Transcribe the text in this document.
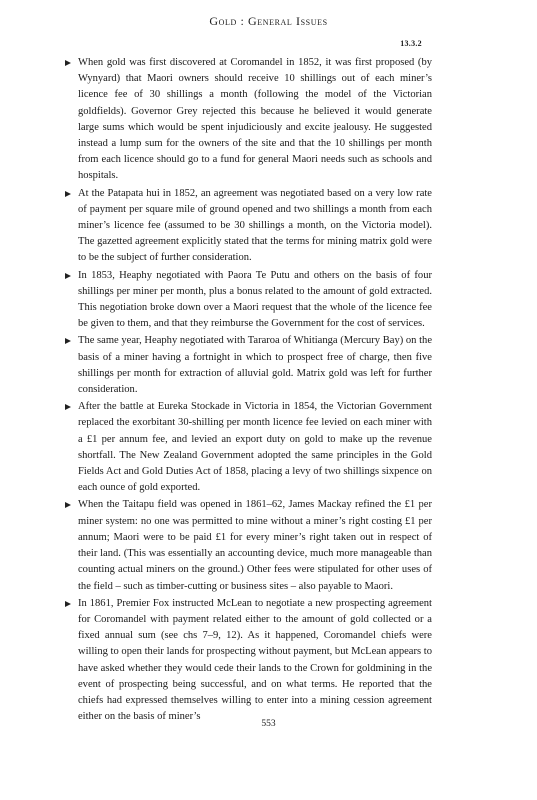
Gold : General Issues
13.3.2
When gold was first discovered at Coromandel in 1852, it was first proposed (by Wynyard) that Maori owners should receive 10 shillings out of each miner’s licence fee of 30 shillings a month (following the model of the Victorian goldfields). Governor Grey rejected this because he believed it would generate large sums which would be spent injudiciously and excite jealousy. He suggested instead a lump sum for the owners of the site and that the 10 shillings per month from each licence should go to a fund for general Maori needs such as schools and hospitals.
At the Patapata hui in 1852, an agreement was negotiated based on a very low rate of payment per square mile of ground opened and two shillings a month from each miner’s licence fee (assumed to be 30 shillings a month, on the Victoria model). The gazetted agreement explicitly stated that the terms for mining matrix gold were to be the subject of further consideration.
In 1853, Heaphy negotiated with Paora Te Putu and others on the basis of four shillings per miner per month, plus a bonus related to the amount of gold extracted. This negotiation broke down over a Maori request that the whole of the licence fee be given to them, and that they reimburse the Government for the cost of services.
The same year, Heaphy negotiated with Tararoa of Whitianga (Mercury Bay) on the basis of a miner having a fortnight in which to prospect free of charge, then five shillings per month for extraction of alluvial gold. Matrix gold was left for further consideration.
After the battle at Eureka Stockade in Victoria in 1854, the Victorian Government replaced the exorbitant 30-shilling per month licence fee levied on each miner with a £1 per annum fee, and levied an export duty on gold to make up the revenue shortfall. The New Zealand Government adopted the same principles in the Gold Fields Act and Gold Duties Act of 1858, placing a levy of two shillings sixpence on each ounce of gold exported.
When the Taitapu field was opened in 1861–62, James Mackay refined the £1 per miner system: no one was permitted to mine without a miner’s right costing £1 per annum; Maori were to be paid £1 for every miner’s right taken out in respect of their land. (This was essentially an accounting device, much more manageable than counting actual miners on the ground.) Other fees were stipulated for other uses of the field – such as timber-cutting or business sites – also payable to Maori.
In 1861, Premier Fox instructed McLean to negotiate a new prospecting agreement for Coromandel with payment related either to the amount of gold collected or a fixed annual sum (see chs 7–9, 12). As it happened, Coromandel chiefs were willing to open their lands for prospecting without payment, but McLean appears to have asked whether they would cede their lands to the Crown for goldmining in the event of prospecting being successful, and on what terms. He reported that the chiefs had expressed themselves willing to enter into a mining cession agreement either on the basis of miner’s
553
